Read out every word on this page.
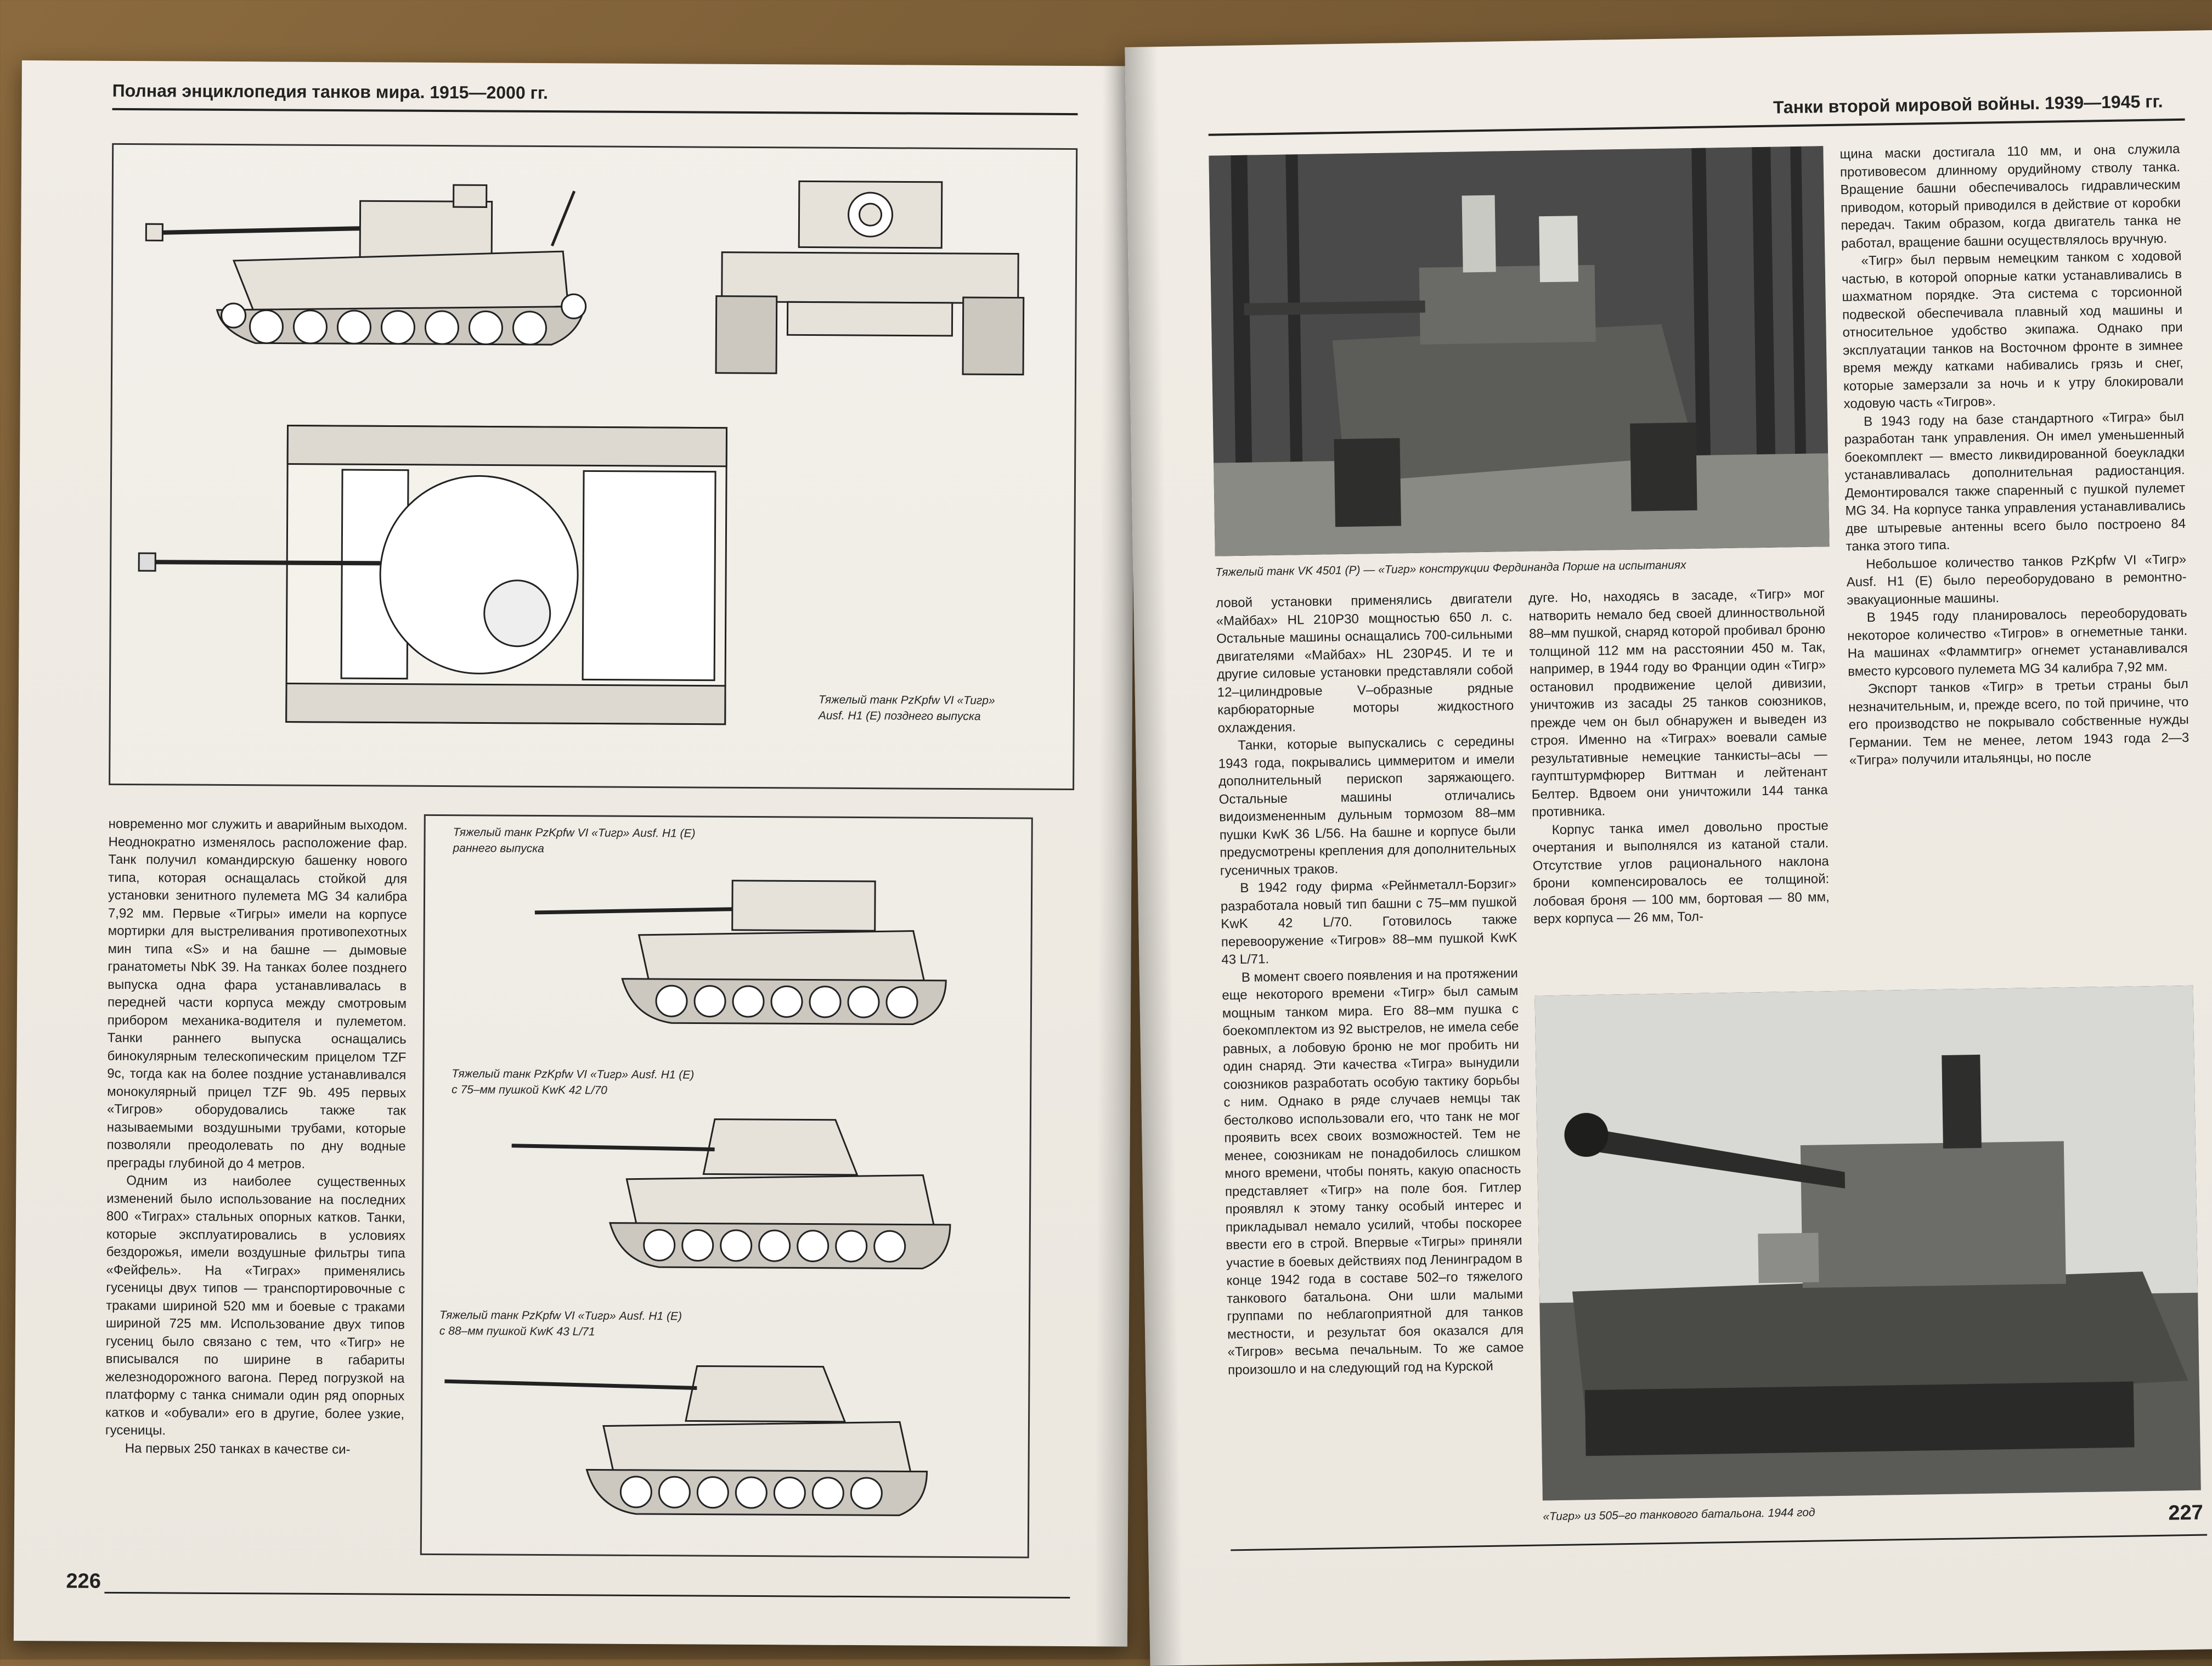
Полная энциклопедия танков мира. 1915—2000 гг.
Тяжелый танк PzKpfw VI «Тигр»
Ausf. H1 (E) позднего выпуска

новременно мог служить и аварийным выходом. Неоднократно изменялось расположение фар. Танк получил командирскую башенку нового типа, которая оснащалась стойкой для установки зенитного пулемета MG 34 калибра 7,92 мм. Первые «Тигры» имели на корпусе мортирки для выстреливания противопехотных мин типа «S» и на башне — дымовые гранатометы NbK 39. На танках более позднего выпуска одна фара устанавливалась в передней части корпуса между смотровым прибором механика-водителя и пулеметом. Танки раннего выпуска оснащались бинокулярным телескопическим прицелом TZF 9c, тогда как на более поздние устанавливался монокулярный прицел TZF 9b. 495 первых «Тигров» оборудовались также так называемыми воздушными трубами, которые позволяли преодолевать по дну водные преграды глубиной до 4 метров.

Одним из наиболее существенных изменений было использование на последних 800 «Тиграх» стальных опорных катков. Танки, которые эксплуатировались в условиях бездорожья, имели воздушные фильтры типа «Фейфель». На «Тиграх» применялись гусеницы двух типов — транспортировочные с траками шириной 520 мм и боевые с траками шириной 725 мм. Использование двух типов гусениц было связано с тем, что «Тигр» не вписывался по ширине в габариты железнодорожного вагона. Перед погрузкой на платформу с танка снимали один ряд опорных катков и «обували» его в другие, более узкие, гусеницы.

На первых 250 танках в качестве си-

Тяжелый танк PzKpfw VI «Тигр» Ausf. H1 (E)
раннего выпуска
Тяжелый танк PzKpfw VI «Тигр» Ausf. H1 (E)
с 75–мм пушкой KwK 42 L/70
Тяжелый танк PzKpfw VI «Тигр» Ausf. H1 (E)
с 88–мм пушкой KwK 43 L/71
226
Танки второй мировой войны. 1939—1945 гг.
Тяжелый танк VK 4501 (P) — «Тигр» конструкции Фердинанда Порше на испытаниях

щина маски достигала 110 мм, и она служила противовесом длинному орудийному стволу танка. Вращение башни обеспечивалось гидравлическим приводом, который приводился в действие от коробки передач. Таким образом, когда двигатель танка не работал, вращение башни осуществлялось вручную.

«Тигр» был первым немецким танком с ходовой частью, в которой опорные катки устанавливались в шахматном порядке. Эта система с торсионной подвеской обеспечивала плавный ход машины и относительное удобство экипажа. Однако при эксплуатации танков на Восточном фронте в зимнее время между катками набивались грязь и снег, которые замерзали за ночь и к утру блокировали ходовую часть «Тигров».

В 1943 году на базе стандартного «Тигра» был разработан танк управления. Он имел уменьшенный боекомплект — вместо ликвидированной боеукладки устанавливалась дополнительная радиостанция. Демонтировался также спаренный с пушкой пулемет MG 34. На корпусе танка управления устанавливались две штыревые антенны всего было построено 84 танка этого типа.

Небольшое количество танков PzKpfw VI «Тигр» Ausf. H1 (E) было переоборудовано в ремонтно-эвакуационные машины.

В 1945 году планировалось переоборудовать некоторое количество «Тигров» в огнеметные танки. На машинах «Фламмтигр» огнемет устанавливался вместо курсового пулемета MG 34 калибра 7,92 мм.

Экспорт танков «Тигр» в третьи страны был незначительным, и, прежде всего, по той причине, что его производство не покрывало собственные нужды Германии. Тем не менее, летом 1943 года 2—3 «Тигра» получили итальянцы, но после

ловой установки применялись двигатели «Майбах» HL 210P30 мощностью 650 л. с. Остальные машины оснащались 700-сильными двигателями «Майбах» HL 230P45. И те и другие силовые установки представляли собой 12–цилиндровые V–образные рядные карбюраторные моторы жидкостного охлаждения.

Танки, которые выпускались с середины 1943 года, покрывались циммеритом и имели дополнительный перископ заряжающего. Остальные машины отличались видоизмененным дульным тормозом 88–мм пушки KwK 36 L/56. На башне и корпусе были предусмотрены крепления для дополнительных гусеничных траков.

В 1942 году фирма «Рейнметалл-Борзиг» разработала новый тип башни с 75–мм пушкой KwK 42 L/70. Готовилось также перевооружение «Тигров» 88–мм пушкой KwK 43 L/71.

В момент своего появления и на протяжении еще некоторого времени «Тигр» был самым мощным танком мира. Его 88–мм пушка с боекомплектом из 92 выстрелов, не имела себе равных, а лобовую броню не мог пробить ни один снаряд. Эти качества «Тигра» вынудили союзников разработать особую тактику борьбы с ним. Однако в ряде случаев немцы так бестолково использовали его, что танк не мог проявить всех своих возможностей. Тем не менее, союзникам не понадобилось слишком много времени, чтобы понять, какую опасность представляет «Тигр» на поле боя. Гитлер проявлял к этому танку особый интерес и прикладывал немало усилий, чтобы поскорее ввести его в строй. Впервые «Тигры» приняли участие в боевых действиях под Ленинградом в конце 1942 года в составе 502–го тяжелого танкового батальона. Они шли малыми группами по неблагоприятной для танков местности, и результат боя оказался для «Тигров» весьма печальным. То же самое произошло и на следующий год на Курской

дуге. Но, находясь в засаде, «Тигр» мог натворить немало бед своей длинноствольной 88–мм пушкой, снаряд которой пробивал броню толщиной 112 мм на расстоянии 450 м. Так, например, в 1944 году во Франции один «Тигр» остановил продвижение целой дивизии, уничтожив из засады 25 танков союзников, прежде чем он был обнаружен и выведен из строя. Именно на «Тиграх» воевали самые результативные немецкие танкисты–асы — гауптштурмфюрер Виттман и лейтенант Белтер. Вдвоем они уничтожили 144 танка противника.

Корпус танка имел довольно простые очертания и выполнялся из катаной стали. Отсутствие углов рационального наклона брони компенсировалось ее толщиной: лобовая броня — 100 мм, бортовая — 80 мм, верх корпуса — 26 мм, Тол-

«Тигр» из 505–го танкового батальона. 1944 год	227
